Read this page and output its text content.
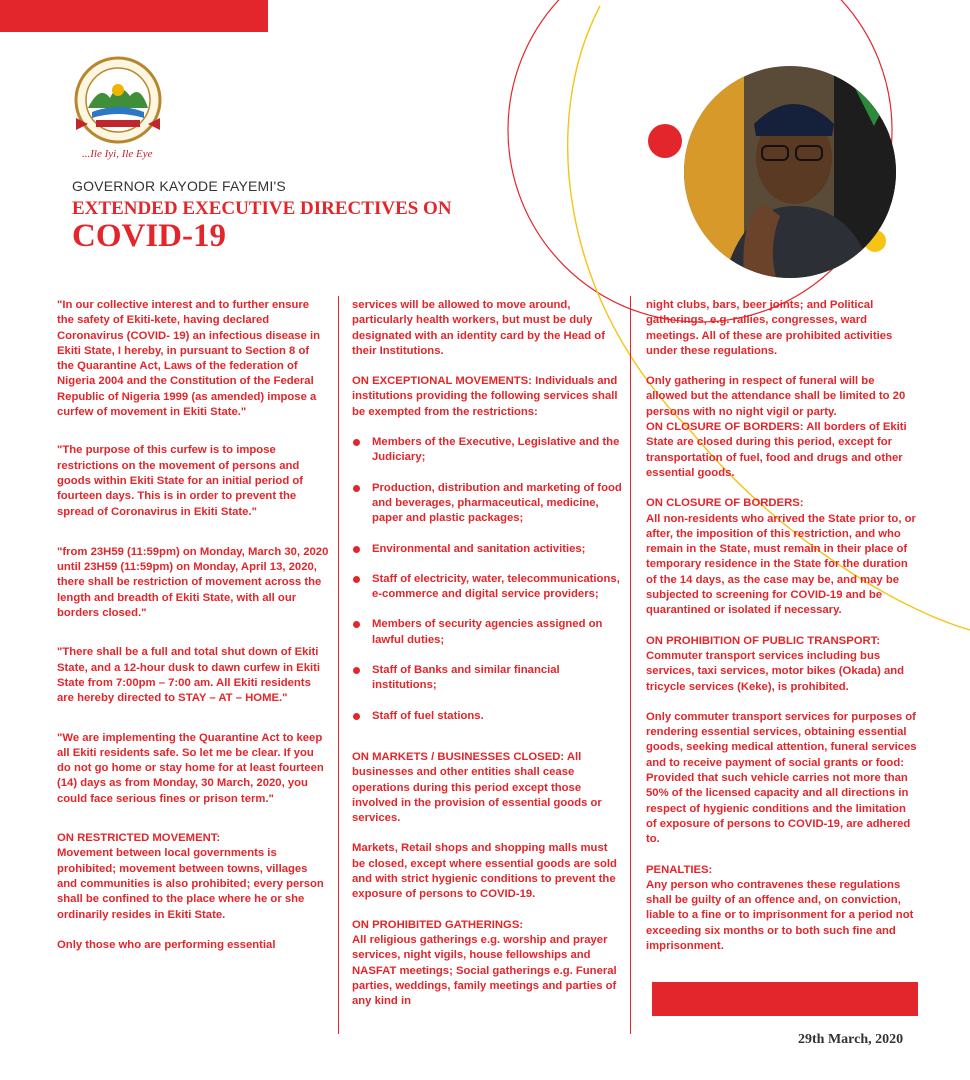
...Ile Iyi, Ile Eye
GOVERNOR KAYODE FAYEMI'S
EXTENDED EXECUTIVE DIRECTIVES ON
COVID-19

"In our collective interest and to further ensure the safety of Ekiti-kete, having declared Coronavirus (COVID- 19) an infectious disease in Ekiti State, I hereby, in pursuant to Section 8 of the Quarantine Act, Laws of the federation of Nigeria 2004 and the Constitution of the Federal Republic of Nigeria 1999 (as amended) impose a curfew of movement in Ekiti State."

"The purpose of this curfew is to impose restrictions on the movement of persons and goods within Ekiti State for an initial period of fourteen days. This is in order to prevent the spread of Coronavirus in Ekiti State."

"from 23H59 (11:59pm) on Monday, March 30, 2020 until 23H59 (11:59pm) on Monday, April 13, 2020, there shall be restriction of movement across the length and breadth of Ekiti State, with all our borders closed."

"There shall be a full and total shut down of Ekiti State, and a 12-hour dusk to dawn curfew in Ekiti State from 7:00pm – 7:00 am. All Ekiti residents are hereby directed to STAY – AT – HOME."

"We are implementing the Quarantine Act to keep all Ekiti residents safe. So let me be clear. If you do not go home or stay home for at least fourteen (14) days as from Monday, 30 March, 2020, you could face serious fines or prison term."

ON RESTRICTED MOVEMENT:

Movement between local governments is prohibited; movement between towns, villages and communities is also prohibited; every person shall be confined to the place where he or she ordinarily resides in Ekiti State.

Only those who are performing essential

services will be allowed to move around, particularly health workers, but must be duly designated with an identity card by the Head of their Institutions.

ON EXCEPTIONAL MOVEMENTS: Individuals and institutions providing the following services shall be exempted from the restrictions:

Members of the Executive, Legislative and the Judiciary;
Production, distribution and marketing of food and beverages, pharmaceutical, medicine, paper and plastic packages;
Environmental and sanitation activities;
Staff of electricity, water, telecommunications, e-commerce and digital service providers;
Members of security agencies assigned on lawful duties;
Staff of Banks and similar financial institutions;
Staff of fuel stations.

ON MARKETS / BUSINESSES CLOSED: All businesses and other entities shall cease operations during this period except those involved in the provision of essential goods or services.

Markets, Retail shops and shopping malls must be closed, except where essential goods are sold and with strict hygienic conditions to prevent the exposure of persons to COVID-19.

ON PROHIBITED GATHERINGS:

All religious gatherings e.g. worship and prayer services, night vigils, house fellowships and NASFAT meetings; Social gatherings e.g. Funeral parties, weddings, family meetings and parties of any kind in

night clubs, bars, beer joints; and Political gatherings, e.g. rallies, congresses, ward meetings. All of these are prohibited activities under these regulations.

Only gathering in respect of funeral will be allowed but the attendance shall be limited to 20 persons with no night vigil or party.

ON CLOSURE OF BORDERS: All borders of Ekiti State are closed during this period, except for transportation of fuel, food and drugs and other essential goods.

ON CLOSURE OF BORDERS:

All non-residents who arrived the State prior to, or after, the imposition of this restriction, and who remain in the State, must remain in their place of temporary residence in the State for the duration of the 14 days, as the case may be, and may be subjected to screening for COVID-19 and be quarantined or isolated if necessary.

ON PROHIBITION OF PUBLIC TRANSPORT: Commuter transport services including bus services, taxi services, motor bikes (Okada) and tricycle services (Keke), is prohibited.

Only commuter transport services for purposes of rendering essential services, obtaining essential goods, seeking medical attention, funeral services and to receive payment of social grants or food: Provided that such vehicle carries not more than 50% of the licensed capacity and all directions in respect of hygienic conditions and the limitation of exposure of persons to COVID-19, are adhered to.

PENALTIES:

Any person who contravenes these regulations shall be guilty of an offence and, on conviction, liable to a fine or to imprisonment for a period not exceeding six months or to both such fine and imprisonment.

29th March, 2020
